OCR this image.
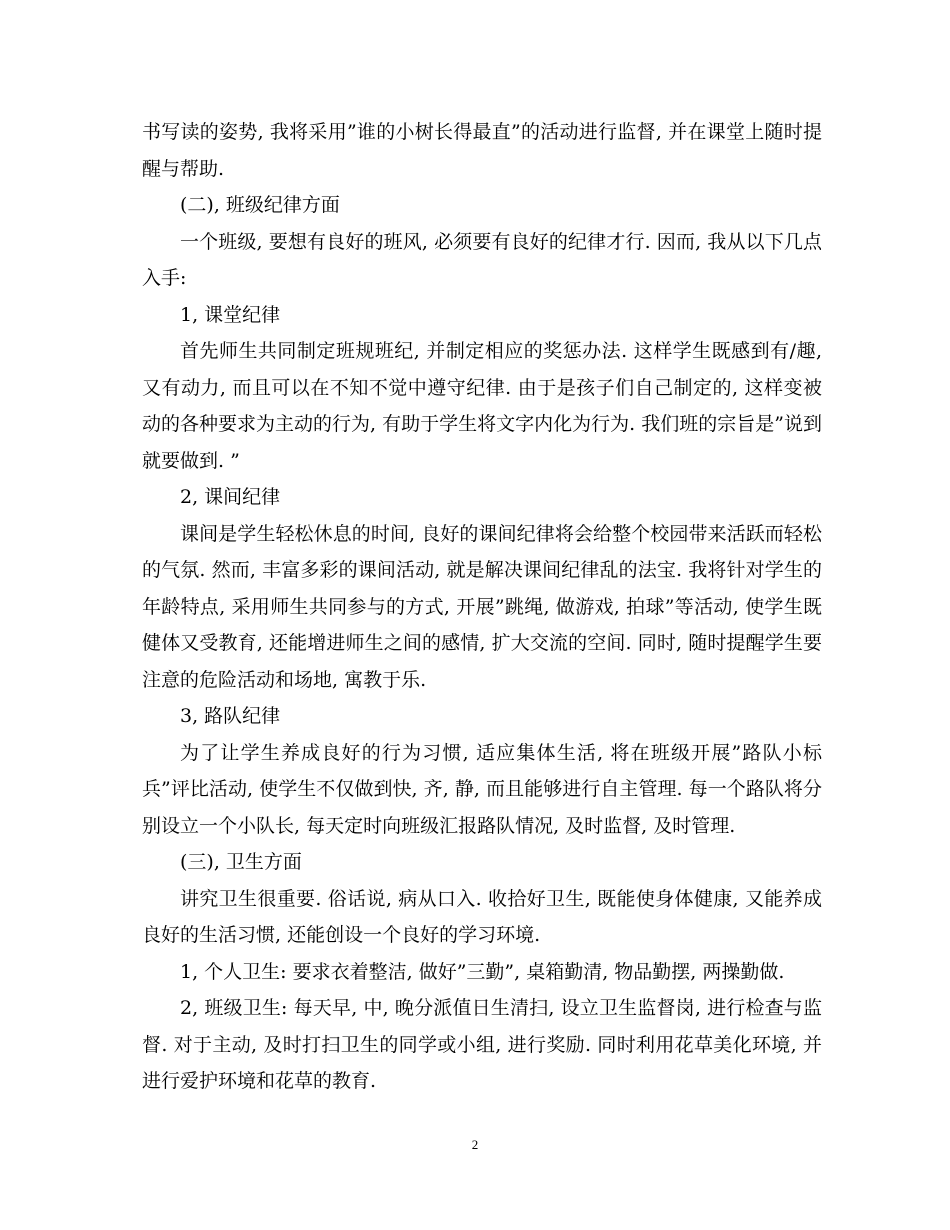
书写读的姿势, 我将采用”谁的小树长得最直”的活动进行监督, 并在课堂上随时提醒与帮助.

(二), 班级纪律方面

一个班级, 要想有良好的班风, 必须要有良好的纪律才行. 因而, 我从以下几点入手:

1, 课堂纪律

首先师生共同制定班规班纪, 并制定相应的奖惩办法. 这样学生既感到有/趣, 又有动力, 而且可以在不知不觉中遵守纪律. 由于是孩子们自己制定的, 这样变被动的各种要求为主动的行为, 有助于学生将文字内化为行为. 我们班的宗旨是”说到就要做到. ”

2, 课间纪律

课间是学生轻松休息的时间, 良好的课间纪律将会给整个校园带来活跃而轻松的气氛. 然而, 丰富多彩的课间活动, 就是解决课间纪律乱的法宝. 我将针对学生的年龄特点, 采用师生共同参与的方式, 开展”跳绳, 做游戏, 拍球”等活动, 使学生既健体又受教育, 还能增进师生之间的感情, 扩大交流的空间. 同时, 随时提醒学生要注意的危险活动和场地, 寓教于乐.

3, 路队纪律

为了让学生养成良好的行为习惯, 适应集体生活, 将在班级开展”路队小标兵”评比活动, 使学生不仅做到快, 齐, 静, 而且能够进行自主管理. 每一个路队将分别设立一个小队长, 每天定时向班级汇报路队情况, 及时监督, 及时管理.

(三), 卫生方面

讲究卫生很重要. 俗话说, 病从口入. 收拾好卫生, 既能使身体健康, 又能养成良好的生活习惯, 还能创设一个良好的学习环境.

1, 个人卫生: 要求衣着整洁, 做好”三勤”, 桌箱勤清, 物品勤摆, 两操勤做.

2, 班级卫生: 每天早, 中, 晚分派值日生清扫, 设立卫生监督岗, 进行检查与监督. 对于主动, 及时打扫卫生的同学或小组, 进行奖励. 同时利用花草美化环境, 并进行爱护环境和花草的教育.

2
